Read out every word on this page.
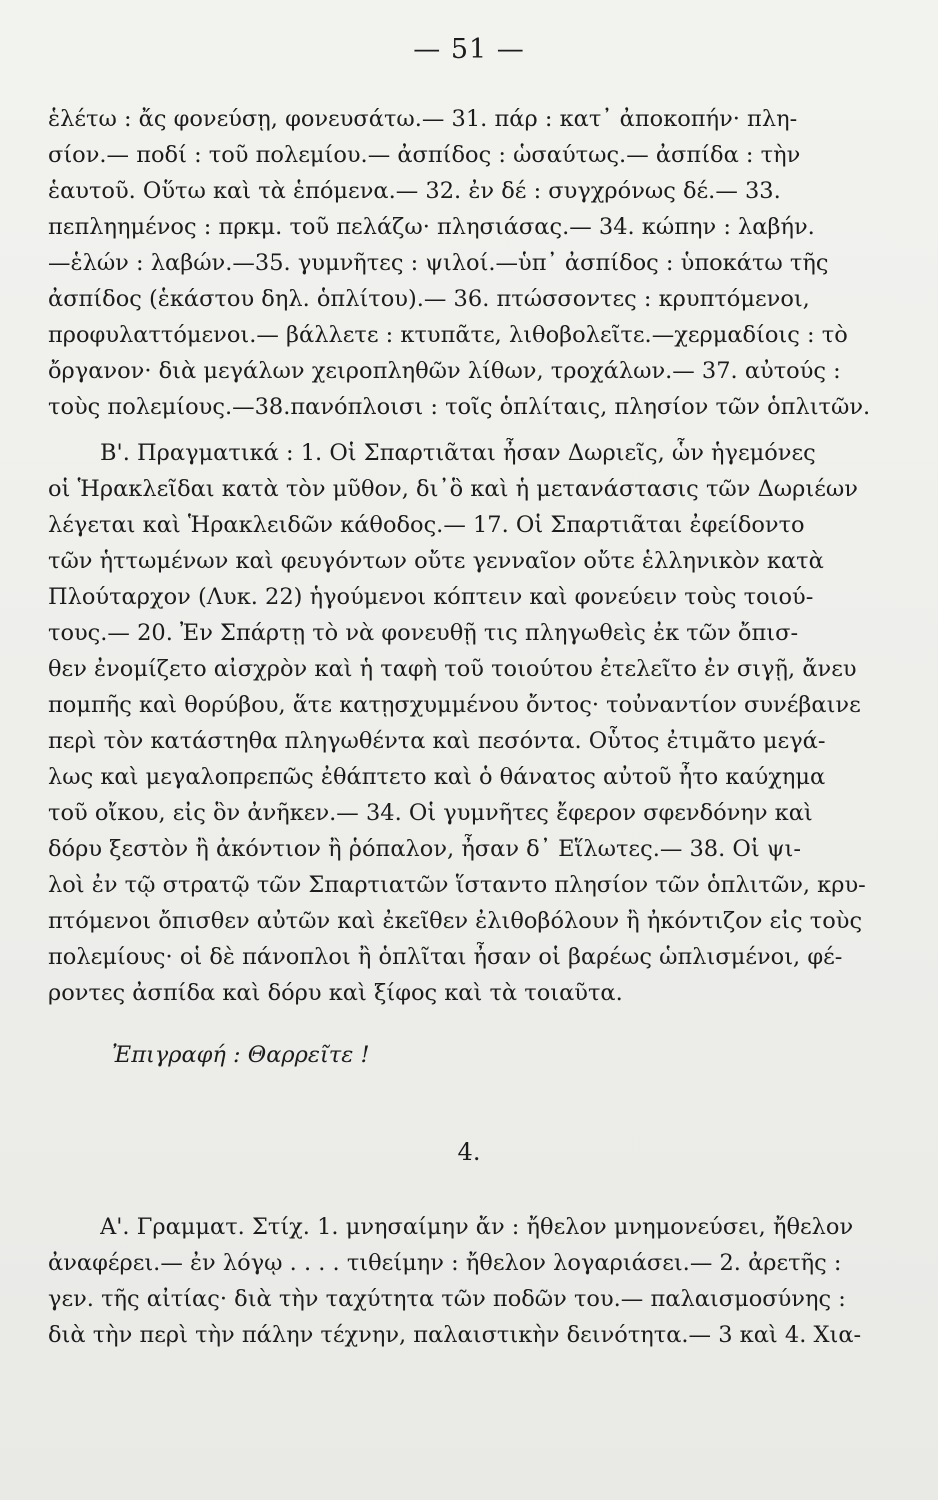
— 51 —
ἑλέτω : ἄς φονεύσῃ, φονευσάτω.— 31. πάρ : κατ᾽ ἀποκοπήν· πλη-
σίον.— ποδί : τοῦ πολεμίου.— ἀσπίδος : ὡσαύτως.— ἀσπίδα : τὴν
ἑαυτοῦ. Οὕτω καὶ τὰ ἑπόμενα.— 32. ἐν δέ : συγχρόνως δέ.— 33.
πεπληημένος : πρκμ. τοῦ πελάζω· πλησιάσας.— 34. κώπην : λαβήν.
—ἑλών : λαβών.—35. γυμνῆτες : ψιλοί.—ὑπ᾽ ἀσπίδος : ὑποκάτω τῆς
ἀσπίδος (ἑκάστου δηλ. ὁπλίτου).— 36. πτώσσοντες : κρυπτόμενοι,
προφυλαττόμενοι.— βάλλετε : κτυπᾶτε, λιθοβολεῖτε.—χερμαδίοις : τὸ
ὄργανον· διὰ μεγάλων χειροπληθῶν λίθων, τροχάλων.— 37. αὐτούς :
τοὺς πολεμίους.—38.πανόπλοισι : τοῖς ὁπλίταις, πλησίον τῶν ὁπλιτῶν.
Β'. Πραγματικά : 1. Οἱ Σπαρτιᾶται ἦσαν Δωριεῖς, ὧν ἡγεμόνες
οἱ Ἡρακλεῖδαι κατὰ τὸν μῦθον, δι᾽ὃ καὶ ἡ μετανάστασις τῶν Δωριέων
λέγεται καὶ Ἡρακλειδῶν κάθοδος.— 17. Οἱ Σπαρτιᾶται ἐφείδοντο
τῶν ἡττωμένων καὶ φευγόντων οὔτε γενναῖον οὔτε ἑλληνικὸν κατὰ
Πλούταρχον (Λυκ. 22) ἡγούμενοι κόπτειν καὶ φονεύειν τοὺς τοιού-
τους.— 20. Ἐν Σπάρτῃ τὸ νὰ φονευθῇ τις πληγωθεὶς ἐκ τῶν ὄπισ-
θεν ἐνομίζετο αἰσχρὸν καὶ ἡ ταφὴ τοῦ τοιούτου ἐτελεῖτο ἐν σιγῇ, ἄνευ
πομπῆς καὶ θορύβου, ἅτε κατῃσχυμμένου ὄντος· τοὐναντίον συνέβαινε
περὶ τὸν κατάστηθα πληγωθέντα καὶ πεσόντα. Οὗτος ἐτιμᾶτο μεγά-
λως καὶ μεγαλοπρεπῶς ἐθάπτετο καὶ ὁ θάνατος αὐτοῦ ἦτο καύχημα
τοῦ οἴκου, εἰς ὃν ἀνῆκεν.— 34. Οἱ γυμνῆτες ἔφερον σφενδόνην καὶ
δόρυ ξεστὸν ἢ ἀκόντιον ἢ ῥόπαλον, ἦσαν δ᾽ Εἵλωτες.— 38. Οἱ ψι-
λοὶ ἐν τῷ στρατῷ τῶν Σπαρτιατῶν ἵσταντο πλησίον τῶν ὁπλιτῶν, κρυ-
πτόμενοι ὄπισθεν αὐτῶν καὶ ἐκεῖθεν ἐλιθοβόλουν ἢ ἠκόντιζον εἰς τοὺς
πολεμίους· οἱ δὲ πάνοπλοι ἢ ὁπλῖται ἦσαν οἱ βαρέως ὡπλισμένοι, φέ-
ροντες ἀσπίδα καὶ δόρυ καὶ ξίφος καὶ τὰ τοιαῦτα.
Ἐπιγραφή : Θαρρεῖτε !
4.
Α'. Γραμματ. Στίχ. 1. μνησαίμην ἄν : ἤθελον μνημονεύσει, ἤθελον
ἀναφέρει.— ἐν λόγῳ . . . . τιθείμην : ἤθελον λογαριάσει.— 2. ἀρετῆς :
γεν. τῆς αἰτίας· διὰ τὴν ταχύτητα τῶν ποδῶν του.— παλαισμοσύνης :
διὰ τὴν περὶ τὴν πάλην τέχνην, παλαιστικὴν δεινότητα.— 3 καὶ 4. Χια-
